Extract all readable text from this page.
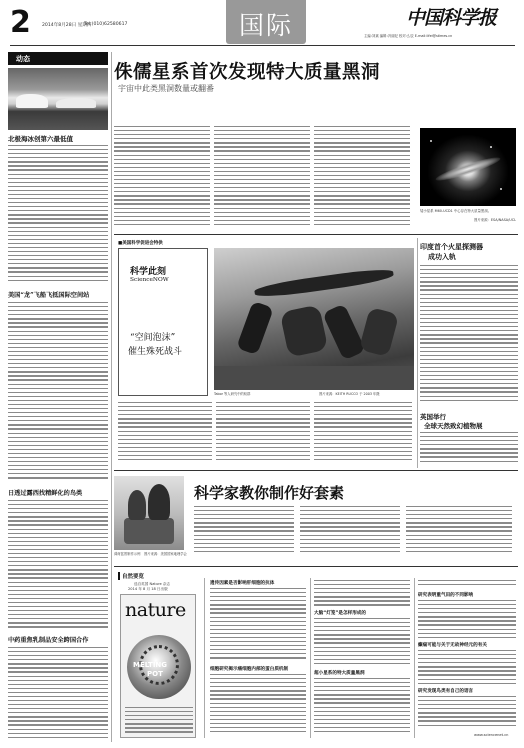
2 2014年8月28日 星期四
Tel:(010)62580617	国际	中国科学报
主编:刘斌 编辑:冯丽妃 校对:么辰 E-mail:lifei@stimes.cn
动态
北极海冰创第六最低值
美国“龙”飞船飞抵国际空间站
日透过露西找精鲜化的鸟类
中药重焦乳制品安全跨国合作
侏儒星系首次发现特大质量黑洞
宇宙中此类黑洞数量或翻番
矮小星系 M60-UCD1 中心存在特大质量黑洞。
图片来源：ESA/NASA/UCL
■美国科学促进会特供
科学此刻
ScienceNOW
“空间泡沫”
催生殊死战斗
Tabor 等人研究中的蚁群	图片来源：KEITH RUCCO 于 2003 年摄
印度首个火星探测器
成功入轨
英国举行
全球天然致幻植物展
薄荷盆景制作示例 图片来源：美国国家地理学会
科学家教你制作好套素
自然要览
选自英国 Nature 杂志
2014 年 8 月 18 日出版
nature
MELTING
POT
遗传因素是否影响肝细胞的抗体
细胞研究揭示癌细胞内部的蛋白质机制
大脑“灯笼”是怎样形成的
超小星系的特大质量黑洞
研究表明重气田的不同影响
癫痫可能与关于无故神经元的有关
研究发现鸟类有自己的语言
www.sciencenet.cn
